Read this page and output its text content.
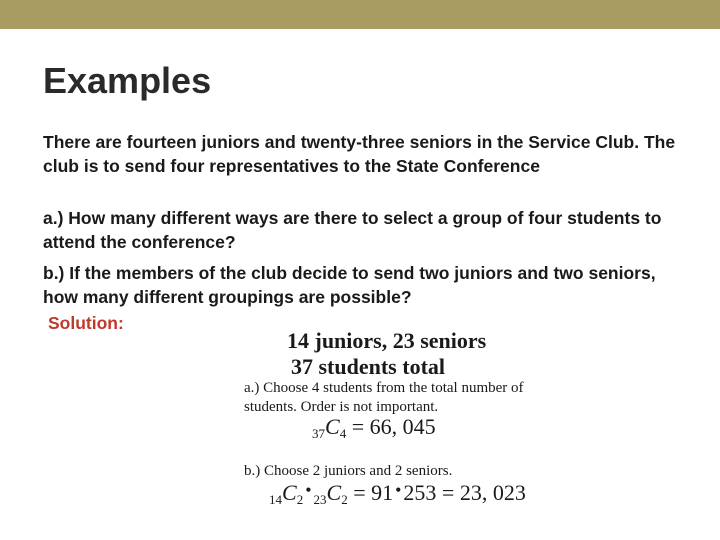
Examples
There are fourteen juniors and twenty-three seniors in the Service Club. The club is to send four representatives to the State Conference
a.) How many different ways are there to select a group of four students to attend the conference?
b.) If the members of the club decide to send two juniors and two seniors, how many different groupings are possible?
Solution:
14 juniors, 23 seniors
37 students total
a.) Choose 4 students from the total number of students. Order is not important.
$_{37}C_4 = 66$, 045
b.) Choose 2 juniors and 2 seniors.
$_{14}C_2$ • $_{23}C_2 = 91$ •253 = 23, 023
